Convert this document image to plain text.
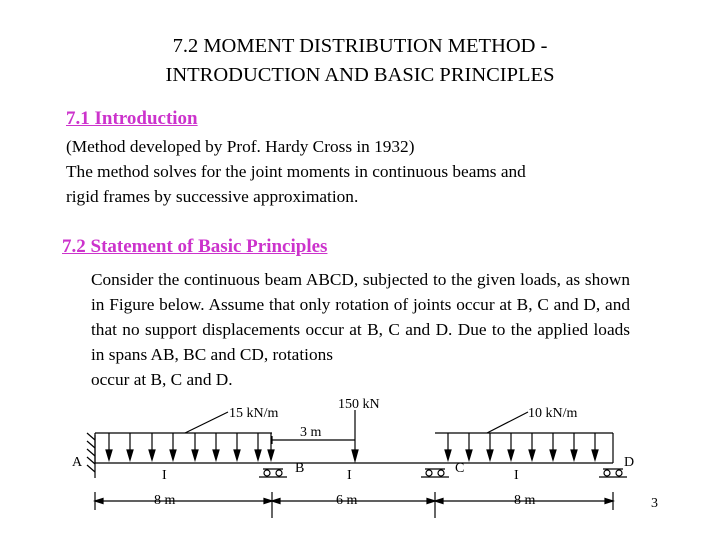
7.2 MOMENT DISTRIBUTION METHOD -
INTRODUCTION AND BASIC PRINCIPLES
7.1 Introduction
(Method developed by Prof. Hardy Cross in 1932)
The method solves for the joint moments in continuous beams and
rigid frames by successive approximation.
7.2 Statement of Basic Principles
Consider the continuous beam ABCD, subjected to the given loads, as shown in Figure below. Assume that only rotation of joints occur at B, C and D, and that no support displacements occur at B, C and D. Due to the applied loads in spans AB, BC and CD, rotations
occur at B, C and D.
15 kN/m
150 kN
10 kN/m
3 m
A	B	C	D
I	I	I
8 m	6 m	8 m	3
